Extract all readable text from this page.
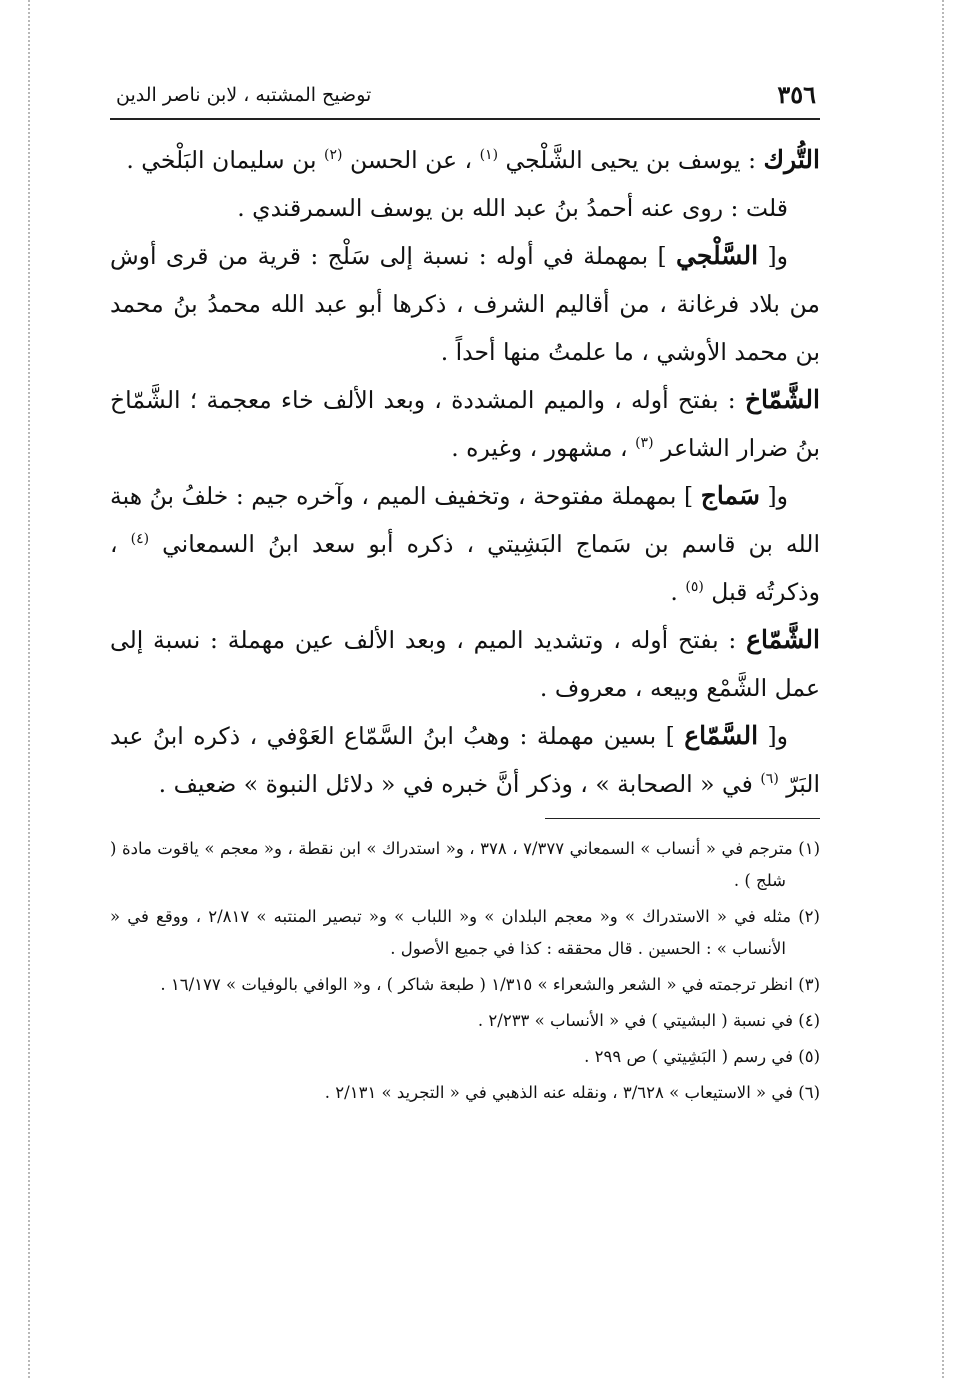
٣٥٦
توضيح المشتبه ، لابن ناصر الدين

التُّرك : يوسف بن يحيى الشَّلْجي $^{(١)}$ ، عن الحسن $^{(٢)}$ بن سليمان البَلْخي .

قلت : روى عنه أحمدُ بنُ عبد الله بن يوسف السمرقندي .

و[ السَّلْجي ] بمهملة في أوله : نسبة إلى سَلْج : قرية من قرى أوش من بلاد فرغانة ، من أقاليم الشرف ، ذكرها أبو عبد الله محمدُ بنُ محمد بن محمد الأوشي ، ما علمتُ منها أحداً .

الشَّمّاخ : بفتح أوله ، والميم المشددة ، وبعد الألف خاء معجمة ؛ الشَّمّاخ بنُ ضرار الشاعر $^{(٣)}$ ، مشهور ، وغيره .

و[ سَماج ] بمهملة مفتوحة ، وتخفيف الميم ، وآخره جيم : خلفُ بنُ هبة الله بن قاسم بن سَماج البَشِيتي ، ذكره أبو سعد ابنُ السمعاني $^{(٤)}$ ، وذكرتُه قبل $^{(٥)}$ .

الشَّمّاع : بفتح أوله ، وتشديد الميم ، وبعد الألف عين مهملة : نسبة إلى عمل الشَّمْع وبيعه ، معروف .

و[ السَّمّاع ] بسين مهملة : وهبُ ابنُ السَّمّاع العَوْفي ، ذكره ابنُ عبد البَرّ $^{(٦)}$ في « الصحابة » ، وذكر أنَّ خبره في « دلائل النبوة » ضعيف .

(١) مترجم في « أنساب » السمعاني ٧/٣٧٧ ، ٣٧٨ ، و« استدراك » ابن نقطة ، و« معجم » ياقوت مادة ( شلج ) .

(٢) مثله في « الاستدراك » و« معجم البلدان » و« اللباب » و« تبصير المنتبه » ٢/٨١٧ ، ووقع في « الأنساب » : الحسين . قال محققه : كذا في جميع الأصول .

(٣) انظر ترجمته في « الشعر والشعراء » ١/٣١٥ ( طبعة شاكر ) ، و« الوافي بالوفيات » ١٦/١٧٧ .

(٤) في نسبة ( البشيتي ) في « الأنساب » ٢/٢٣٣ .

(٥) في رسم ( البَشِيتي ) ص ٢٩٩ .

(٦) في « الاستيعاب » ٣/٦٢٨ ، ونقله عنه الذهبي في « التجريد » ٢/١٣١ .
